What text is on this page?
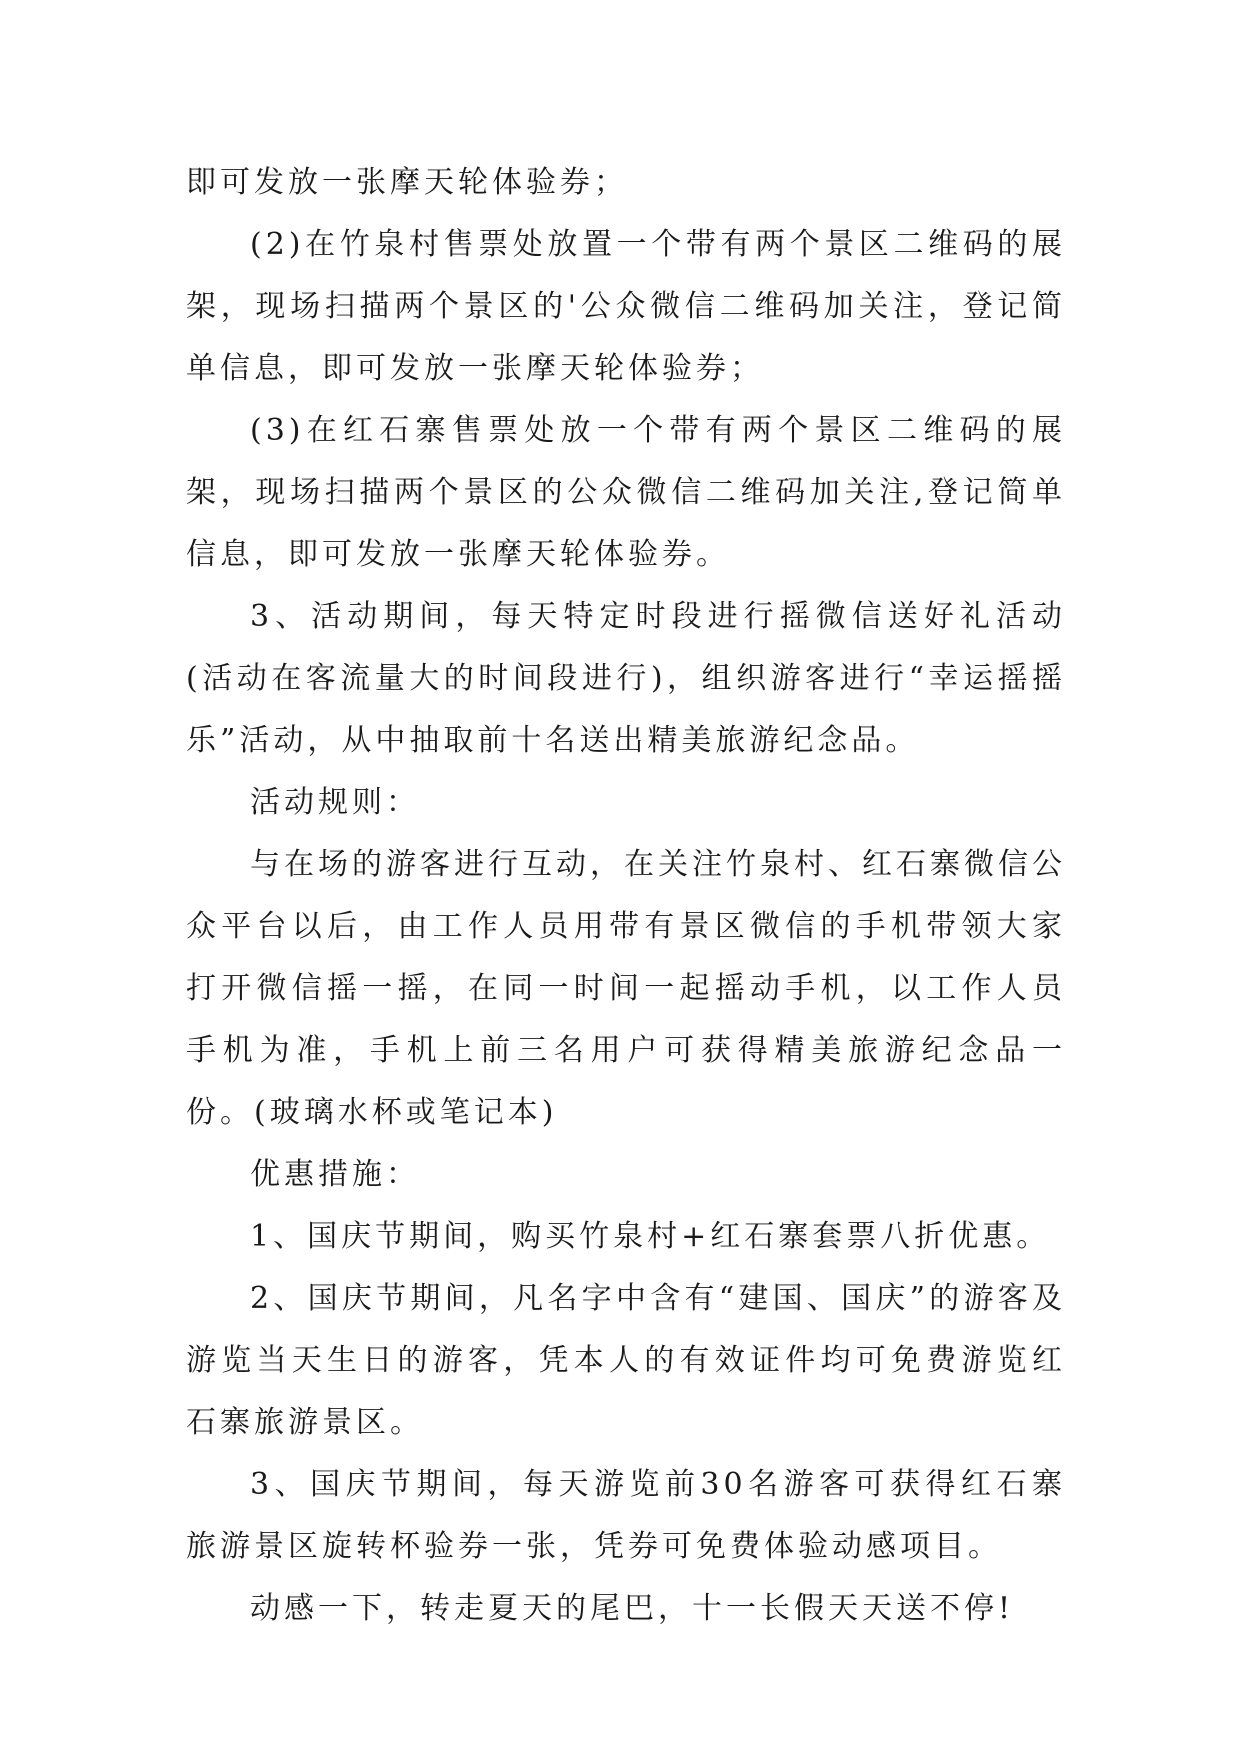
即可发放一张摩天轮体验券；

(2)在竹泉村售票处放置一个带有两个景区二维码的展架，现场扫描两个景区的'公众微信二维码加关注，登记简单信息，即可发放一张摩天轮体验券；

(3)在红石寨售票处放一个带有两个景区二维码的展架，现场扫描两个景区的公众微信二维码加关注,登记简单信息，即可发放一张摩天轮体验券。

3、活动期间，每天特定时段进行摇微信送好礼活动(活动在客流量大的时间段进行)，组织游客进行“幸运摇摇乐”活动，从中抽取前十名送出精美旅游纪念品。

活动规则：

与在场的游客进行互动，在关注竹泉村、红石寨微信公众平台以后，由工作人员用带有景区微信的手机带领大家打开微信摇一摇，在同一时间一起摇动手机，以工作人员手机为准，手机上前三名用户可获得精美旅游纪念品一份。(玻璃水杯或笔记本)

优惠措施：

1、国庆节期间，购买竹泉村+红石寨套票八折优惠。

2、国庆节期间，凡名字中含有“建国、国庆”的游客及游览当天生日的游客，凭本人的有效证件均可免费游览红石寨旅游景区。

3、国庆节期间，每天游览前30名游客可获得红石寨旅游景区旋转杯验券一张，凭券可免费体验动感项目。

动感一下，转走夏天的尾巴，十一长假天天送不停!
